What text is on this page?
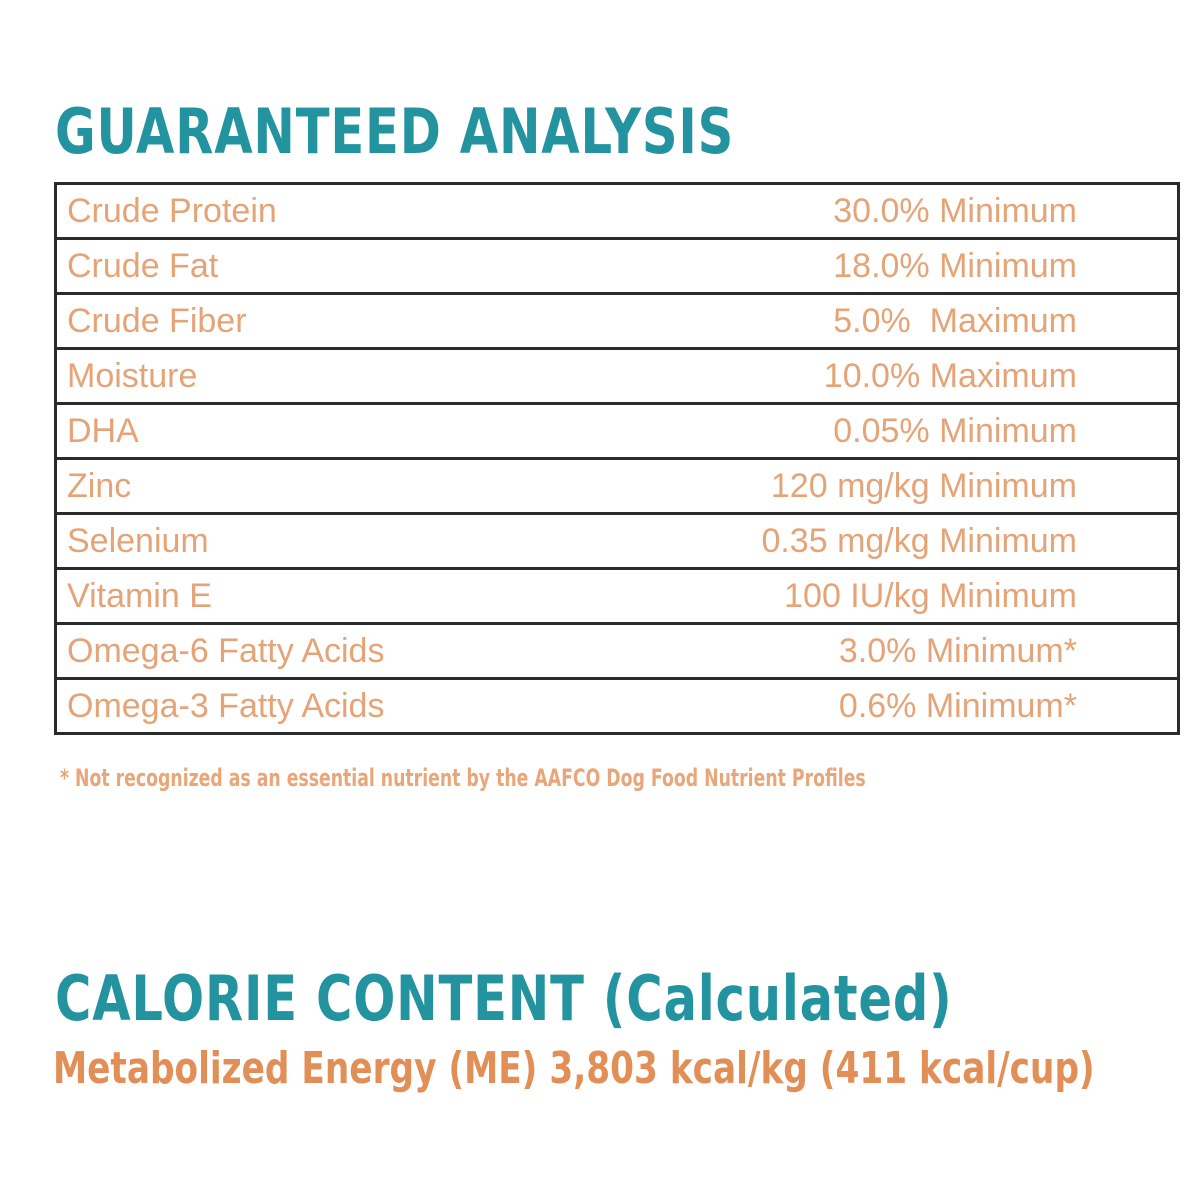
GUARANTEED ANALYSIS
Crude Protein	30.0% Minimum
Crude Fat	18.0% Minimum
Crude Fiber	5.0%  Maximum
Moisture	10.0% Maximum
DHA	0.05% Minimum
Zinc	120 mg/kg Minimum
Selenium	0.35 mg/kg Minimum
Vitamin E	100 IU/kg Minimum
Omega-6 Fatty Acids	3.0% Minimum*
Omega-3 Fatty Acids	0.6% Minimum*

* Not recognized as an essential nutrient by the AAFCO Dog Food Nutrient Profiles

CALORIE CONTENT (Calculated)

Metabolized Energy (ME) 3,803 kcal/kg (411 kcal/cup)
